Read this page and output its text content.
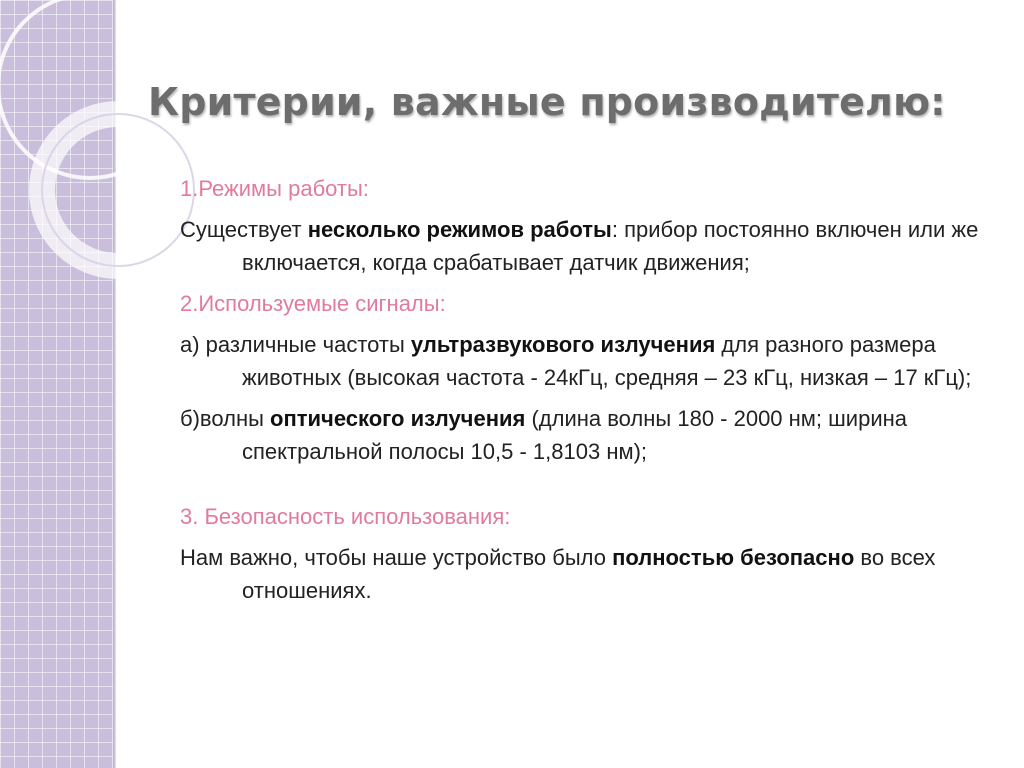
Критерии, важные производителю:

1.Режимы работы:

Существует несколько режимов работы: прибор постоянно включен или же включается, когда срабатывает датчик движения;

2.Используемые сигналы:

а) различные частоты ультразвукового излучения для разного размера животных (высокая частота - 24кГц, средняя – 23 кГц, низкая – 17 кГц);

б)волны оптического излучения (длина волны 180 - 2000 нм; ширина спектральной полосы 10,5 - 1,8103 нм);

3. Безопасность использования:

Нам важно, чтобы наше устройство было полностью безопасно во всех отношениях.
